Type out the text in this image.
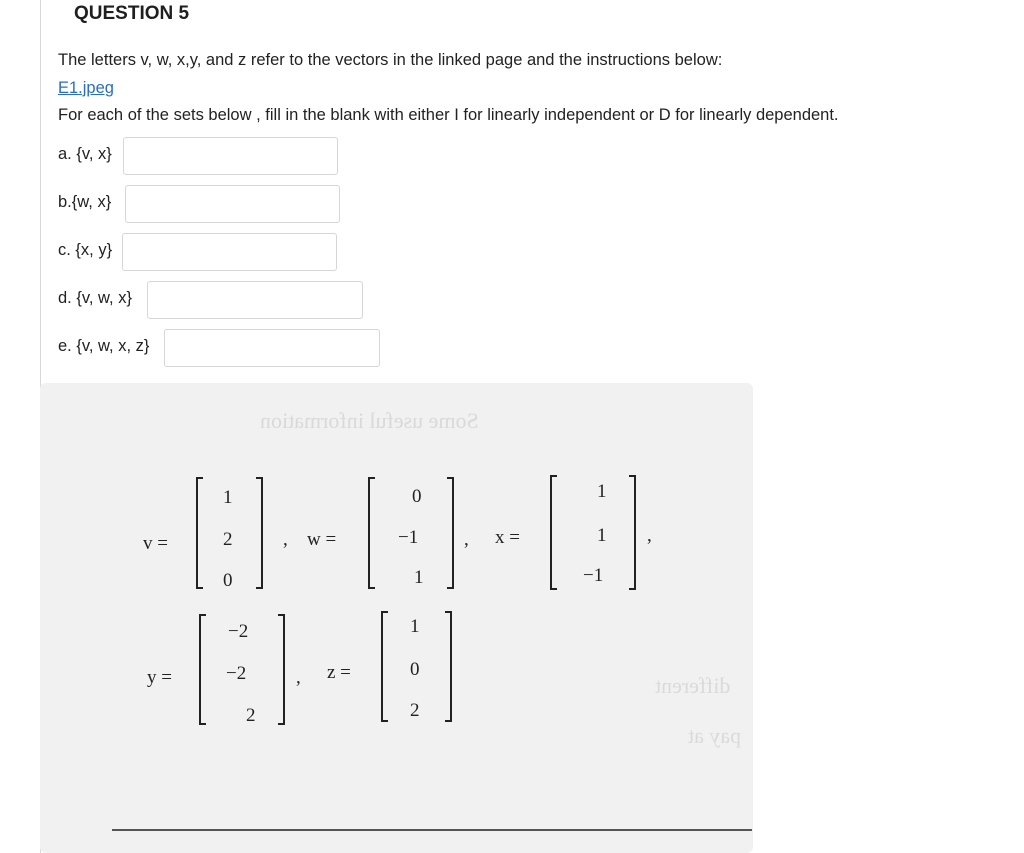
QUESTION 5
The letters v, w, x,y, and z refer to the vectors in the linked page and the instructions below:
E1.jpeg
For each of the sets below , fill in the blank with either I for linearly independent or D for linearly dependent.
a. {v, x}
b.{w, x}
c. {x, y}
d. {v, w, x}
e. {v, w, x, z}
Some useful information
different
pay at
v =
1
2
0
, w =
0
−1
1
, x =
1
1
−1
,
y =
−2
−2
2
, z =
1
0
2
